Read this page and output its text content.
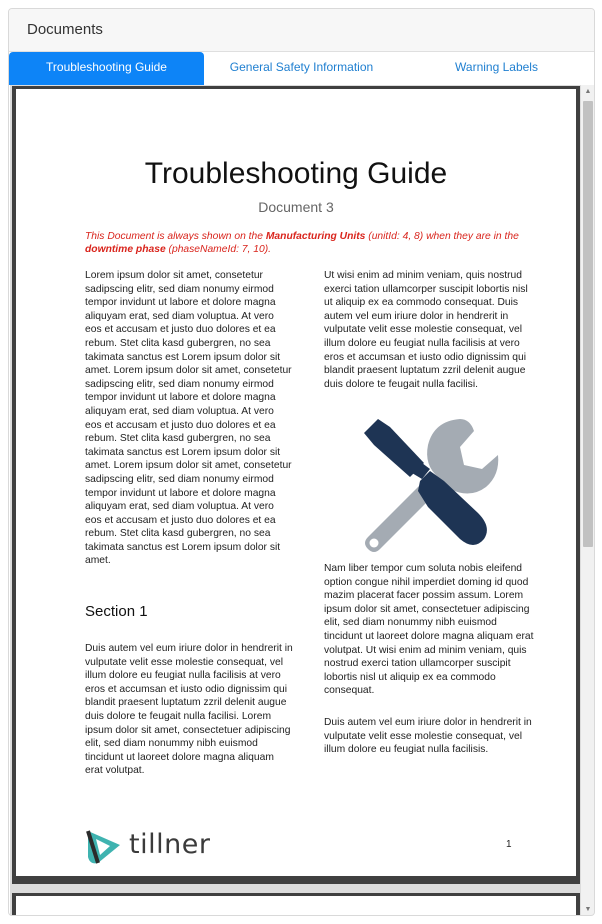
Documents
Troubleshooting Guide	General Safety Information	Warning Labels
Troubleshooting Guide
Document 3
This Document is always shown on the Manufacturing Units (unitId: 4, 8) when they are in the downtime phase (phaseNameId: 7, 10).

Lorem ipsum dolor sit amet, consetetur sadipscing elitr, sed diam nonumy eirmod tempor invidunt ut labore et dolore magna aliquyam erat, sed diam voluptua. At vero eos et accusam et justo duo dolores et ea rebum. Stet clita kasd gubergren, no sea takimata sanctus est Lorem ipsum dolor sit amet. Lorem ipsum dolor sit amet, consetetur sadipscing elitr, sed diam nonumy eirmod tempor invidunt ut labore et dolore magna aliquyam erat, sed diam voluptua. At vero eos et accusam et justo duo dolores et ea rebum. Stet clita kasd gubergren, no sea takimata sanctus est Lorem ipsum dolor sit amet. Lorem ipsum dolor sit amet, consetetur sadipscing elitr, sed diam nonumy eirmod tempor invidunt ut labore et dolore magna aliquyam erat, sed diam voluptua. At vero eos et accusam et justo duo dolores et ea rebum. Stet clita kasd gubergren, no sea takimata sanctus est Lorem ipsum dolor sit amet.

Section 1

Duis autem vel eum iriure dolor in hendrerit in vulputate velit esse molestie consequat, vel illum dolore eu feugiat nulla facilisis at vero eros et accumsan et iusto odio dignissim qui blandit praesent luptatum zzril delenit augue duis dolore te feugait nulla facilisi. Lorem ipsum dolor sit amet, consectetuer adipiscing elit, sed diam nonummy nibh euismod tincidunt ut laoreet dolore magna aliquam erat volutpat.

Ut wisi enim ad minim veniam, quis nostrud exerci tation ullamcorper suscipit lobortis nisl ut aliquip ex ea commodo consequat. Duis autem vel eum iriure dolor in hendrerit in vulputate velit esse molestie consequat, vel illum dolore eu feugiat nulla facilisis at vero eros et accumsan et iusto odio dignissim qui blandit praesent luptatum zzril delenit augue duis dolore te feugait nulla facilisi.

Nam liber tempor cum soluta nobis eleifend option congue nihil imperdiet doming id quod mazim placerat facer possim assum. Lorem ipsum dolor sit amet, consectetuer adipiscing elit, sed diam nonummy nibh euismod tincidunt ut laoreet dolore magna aliquam erat volutpat. Ut wisi enim ad minim veniam, quis nostrud exerci tation ullamcorper suscipit lobortis nisl ut aliquip ex ea commodo consequat.

Duis autem vel eum iriure dolor in hendrerit in vulputate velit esse molestie consequat, vel illum dolore eu feugiat nulla facilisis.

tillner	1
▲
▼
